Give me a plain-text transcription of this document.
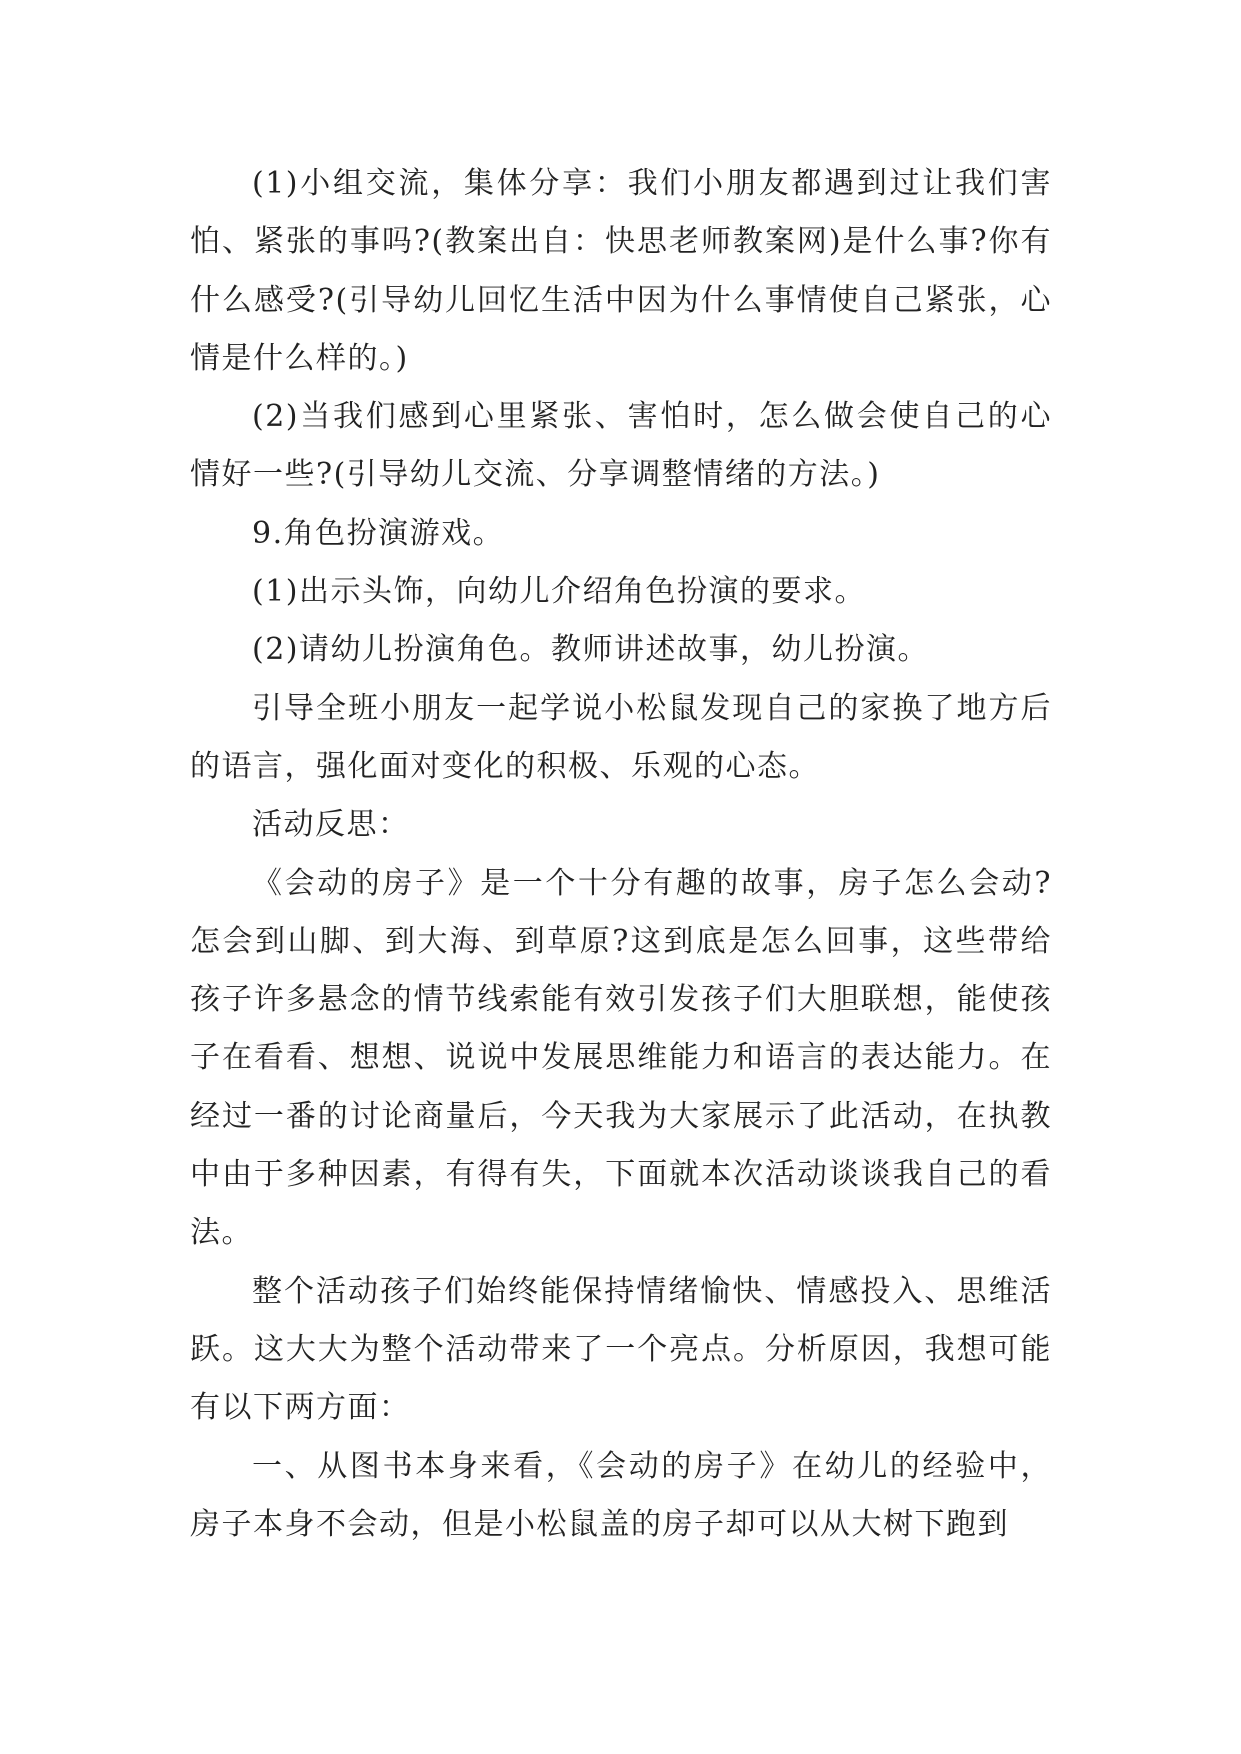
(1)小组交流，集体分享：我们小朋友都遇到过让我们害怕、紧张的事吗?(教案出自：快思老师教案网)是什么事?你有什么感受?(引导幼儿回忆生活中因为什么事情使自己紧张，心情是什么样的。)

(2)当我们感到心里紧张、害怕时，怎么做会使自己的心情好一些?(引导幼儿交流、分享调整情绪的方法。)

9.角色扮演游戏。

(1)出示头饰，向幼儿介绍角色扮演的要求。

(2)请幼儿扮演角色。教师讲述故事，幼儿扮演。

引导全班小朋友一起学说小松鼠发现自己的家换了地方后的语言，强化面对变化的积极、乐观的心态。

活动反思：

《会动的房子》是一个十分有趣的故事，房子怎么会动?怎会到山脚、到大海、到草原?这到底是怎么回事，这些带给孩子许多悬念的情节线索能有效引发孩子们大胆联想，能使孩子在看看、想想、说说中发展思维能力和语言的表达能力。在经过一番的讨论商量后，今天我为大家展示了此活动，在执教中由于多种因素，有得有失，下面就本次活动谈谈我自己的看法。

整个活动孩子们始终能保持情绪愉快、情感投入、思维活跃。这大大为整个活动带来了一个亮点。分析原因，我想可能有以下两方面：

一、从图书本身来看，《会动的房子》在幼儿的经验中，房子本身不会动，但是小松鼠盖的房子却可以从大树下跑到
